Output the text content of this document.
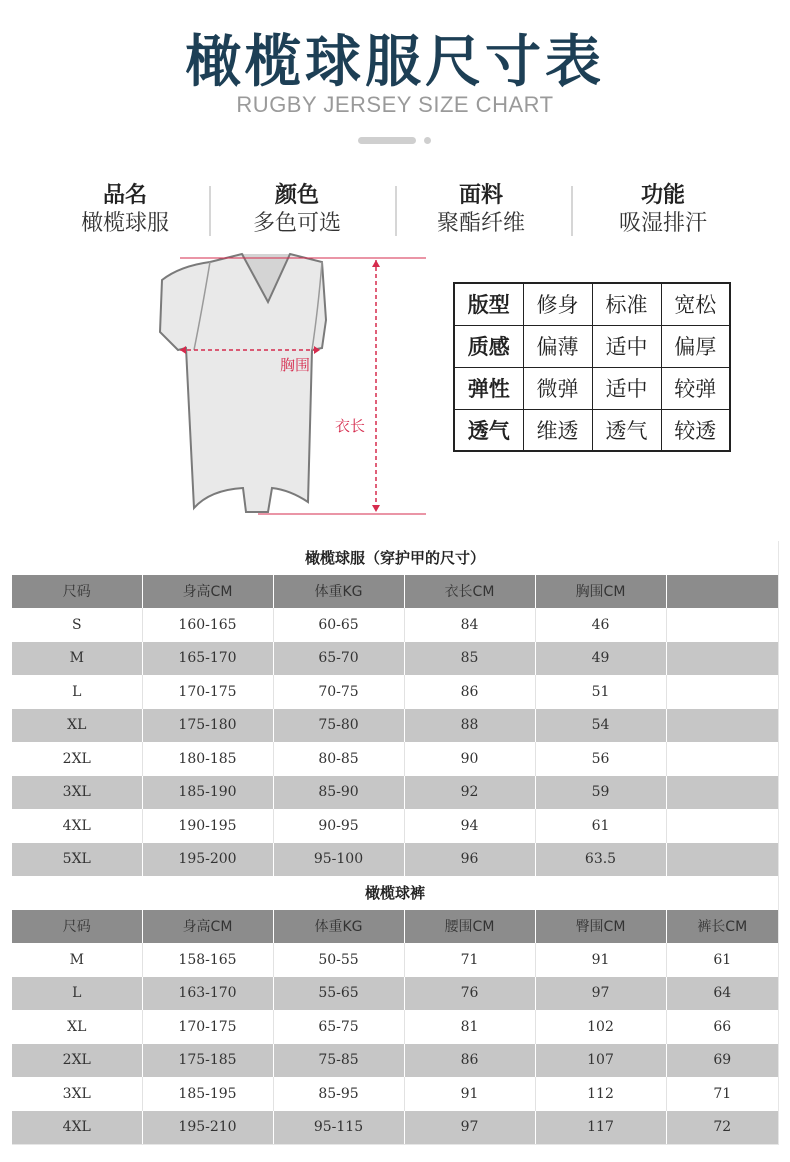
橄榄球服尺寸表
RUGBY JERSEY SIZE CHART
品名
橄榄球服
颜色
多色可选
面料
聚酯纤维
功能
吸湿排汗
胸围
衣长
版型	修身	标准	宽松
质感	偏薄	适中	偏厚
弹性	微弹	适中	较弹
透气	维透	透气	较透
橄榄球服（穿护甲的尺寸）					
尺码	身高CM	体重KG	衣长CM	胸围CM	
S	160-165	60-65	84	46	
M	165-170	65-70	85	49	
L	170-175	70-75	86	51	
XL	175-180	75-80	88	54	
2XL	180-185	80-85	90	56	
3XL	185-190	85-90	92	59	
4XL	190-195	90-95	94	61	
5XL	195-200	95-100	96	63.5	
橄榄球裤					
尺码	身高CM	体重KG	腰围CM	臀围CM	裤长CM
M	158-165	50-55	71	91	61
L	163-170	55-65	76	97	64
XL	170-175	65-75	81	102	66
2XL	175-185	75-85	86	107	69
3XL	185-195	85-95	91	112	71
4XL	195-210	95-115	97	117	72
